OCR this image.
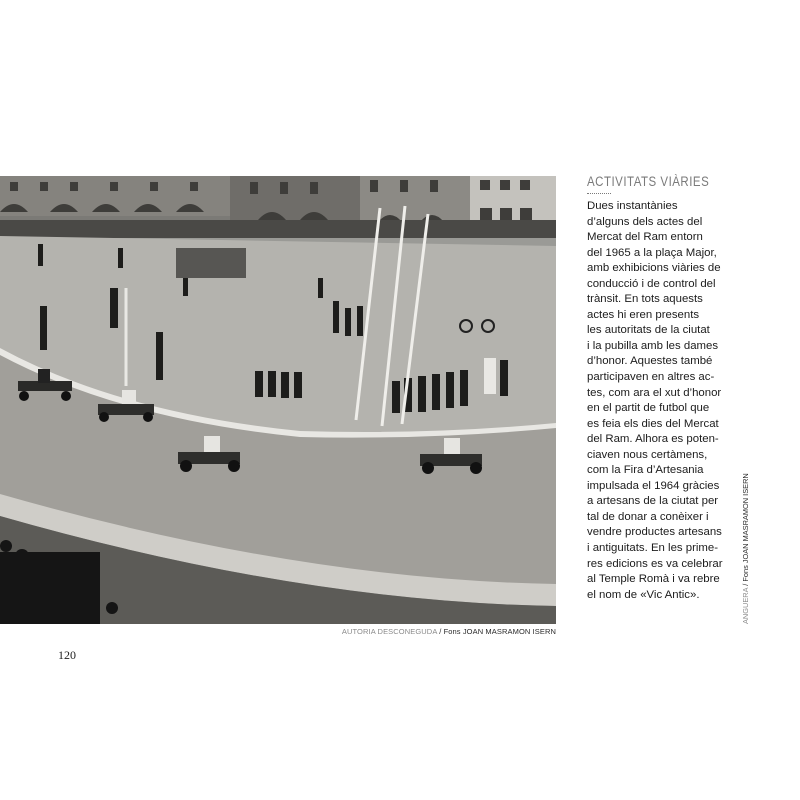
AUTORIA DESCONEGUDA / Fons JOAN MASRAMON ISERN
120
ACTIVITATS VIÀRIES
Dues instantànies
d’alguns dels actes del
Mercat del Ram entorn
del 1965 a la plaça Major,
amb exhibicions viàries de
conducció i de control del
trànsit. En tots aquests
actes hi eren presents
les autoritats de la ciutat
i la pubilla amb les dames
d’honor. Aquestes també
participaven en altres ac-
tes, com ara el xut d’honor
en el partit de futbol que
es feia els dies del Mercat
del Ram. Alhora es poten-
ciaven nous certàmens,
com la Fira d’Artesania
impulsada el 1964 gràcies
a artesans de la ciutat per
tal de donar a conèixer i
vendre productes artesans
i antiguitats. En les prime-
res edicions es va celebrar
al Temple Romà i va rebre
el nom de «Vic Antic».	ANGUERA / Fons JOAN MASRAMON ISERN
